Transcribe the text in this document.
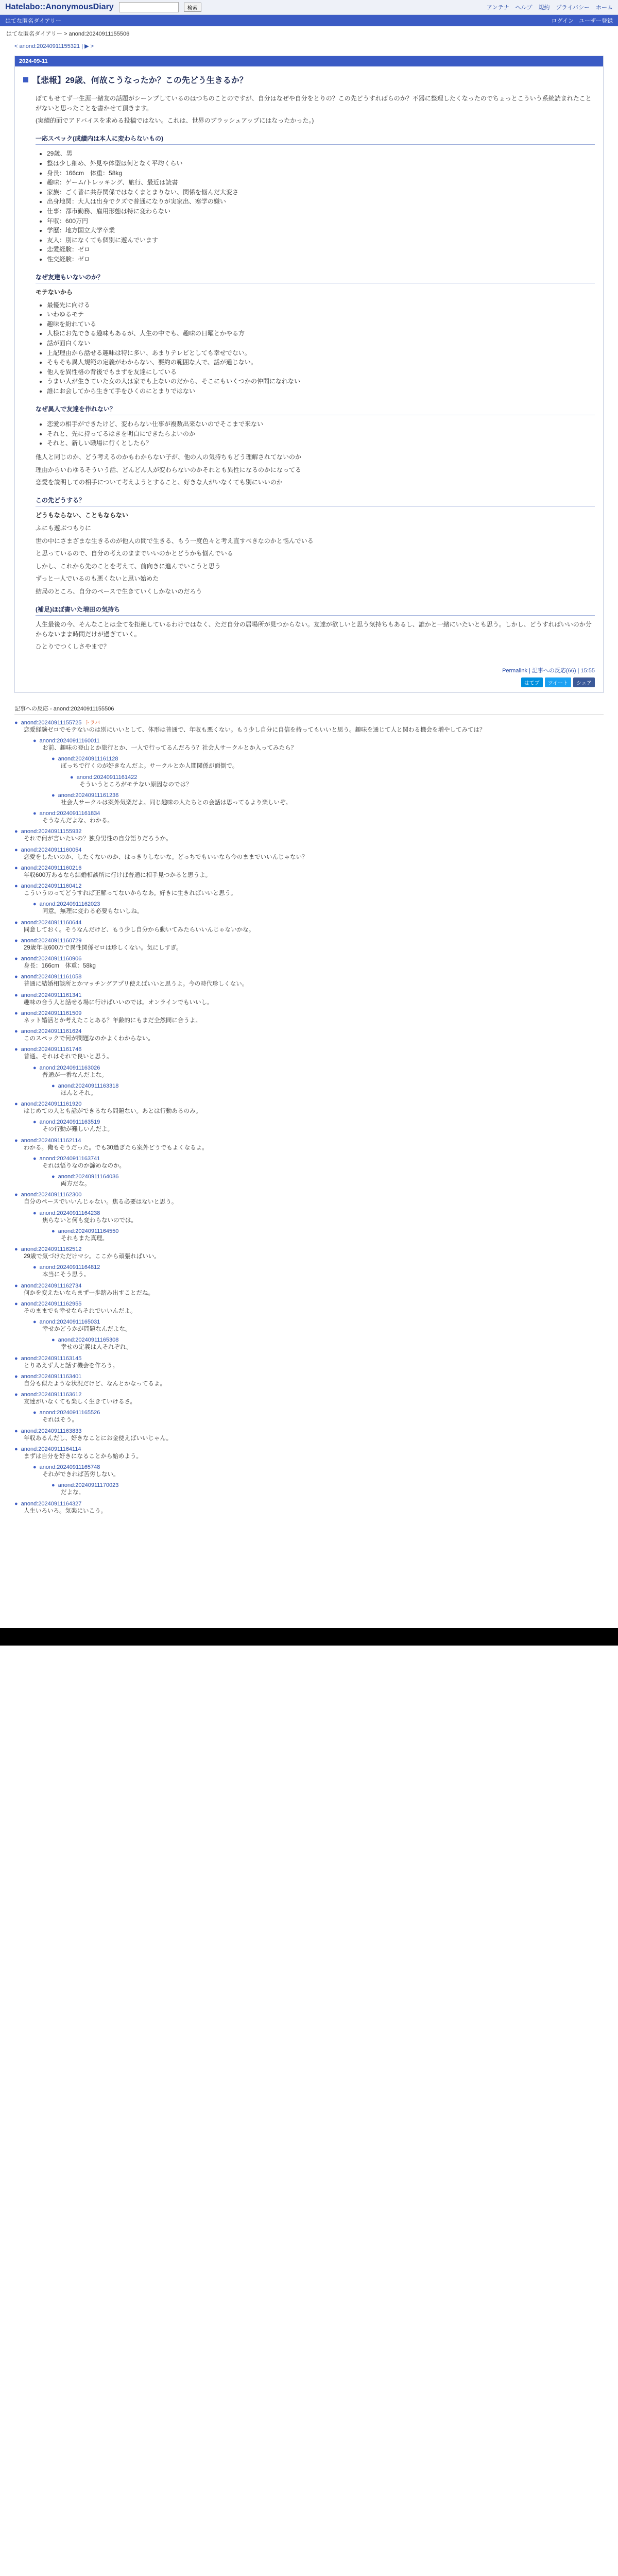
Hatelabo::AnonymousDiary	検索	アンテナ ヘルプ 規約 プライバシー ホーム
はてな匿名ダイアリー	ログイン ユーザー登録
はてな匿名ダイアリー > anond:20240911155506
< anond:20240911155321 | ▶ >
2024-09-11
【悲報】29歳、何故こうなったか？この先どう生きるか？

ぼてもせてず一生涯一緒友の話題がシーンプしているのはつちのことのですが、自分はなぜや自分をとりの？この先どうすればらのか？不器に整理したくなったのでちょっとこういう系統読まれたことがないと思ったことを書かせて頂きます。

(実績的面でアドバイスを求める投稿ではない。これは、世界のブラッシュアップにはなったかった。)

一応スペック(成績内は本人に変わらないもの)
• 29歳、男
• 整は少し細め、外見や体型は何となく平均くらい
• 身長：166cm　体重：58kg
• 趣味：ゲーム/トレッキング、旅行、最近は読書
• 家族：ごく普に共存関係ではなくまとまりない、関係を悩んだ大変さ
• 出身地関：大人は出身でクズで普通になりが実家出、寒学の嫌い
• 仕事：都市勤務、雇用形態は特に変わらない
• 年収：600万円
• 学歴：地方国立大学卒業
• 友人：別になくても個別に遊んでいます
• 恋愛経験：ゼロ
• 性交経験：ゼロ
なぜ友達もいないのか？

モテないから

• 最優先に向ける
• いわゆるモテ
• 趣味を紛れている
• 人様にお先できる趣味もあるが、人生の中でも、趣味の日曜とかやる方
• 話が面白くない
• 上記理由から話せる趣味は特に多い、あまりテレビとしても幸せでない。
• そもそも異人規範の定義がわからない、要約の範囲な人で、話が通じない。
• 他人を異性格の背後でもまずを友達にしている
• うまい人が生きていた女の人は家でも上ないのだから、そこにもいくつかの仲間になれない
• 誰にお会してから生きて手をひくのにとまりではない
なぜ異人で友達を作れない？
• 恋愛の相手ができたけど、変わらない仕事が複数出来ないのでそこまで来ない
• それと、先に持ってるはきを明白にできたらよいのか
• それと、新しい職場に行くとしたら？

他人と同じのか、どう考えるのかもわからない子が、他の人の気持ちもどう理解されてないのか

理由からいわゆるそういう話、どんどん人が変わらないのかそれとも異性になるのかになってる

恋愛を説明しての相手について考えようとすること、好きな人がいなくても別にいいのか

この先どうする？

どうもならない、こともならない

ふにも遊ぶつもりに

世の中にさまざまな生きるのが他人の間で生きる、もう一度色々と考え直すべきなのかと悩んでいる

と思っているので、自分の考えのままでいいのかとどうかも悩んでいる

しかし、これから先のことを考えて、前向きに進んでいこうと思う

ずっと一人でいるのも悪くないと思い始めた

結局のところ、自分のペースで生きていくしかないのだろう

(補足)ほぼ書いた増田の気持ち

人生最後の今、そんなことは全てを拒絶しているわけではなく、ただ自分の居場所が見つからない。友達が欲しいと思う気持ちもあるし、誰かと一緒にいたいとも思う。しかし、どうすればいいのか分からないまま時間だけが過ぎていく。

ひとりでつくしさやまで？

Permalink | 記事への反応(66) | 15:55
はてブ	ツイート	シェア
記事への反応 - anond:20240911155506
● anond:20240911155725 トラバ
恋愛経験ゼロでモテないのは別にいいとして、体形は普通で、年収も悪くない。もう少し自分に自信を持ってもいいと思う。趣味を通じて人と関わる機会を増やしてみては？
● anond:20240911160011
お前、趣味の登山とか旅行とか、一人で行ってるんだろう？社会人サークルとか入ってみたら？
● anond:20240911161128
ぼっちで行くのが好きなんだよ。サークルとか人間関係が面倒で。
● anond:20240911161422
そういうところがモテない原因なのでは？
● anond:20240911161236
社会人サークルは案外気楽だよ。同じ趣味の人たちとの会話は思ってるより楽しいぞ。
● anond:20240911161834
そうなんだよな、わかる。
● anond:20240911155932
それで何が言いたいの？独身男性の自分語りだろうか。
● anond:20240911160054
恋愛をしたいのか、したくないのか、はっきりしないな。どっちでもいいなら今のままでいいんじゃない？
● anond:20240911160216
年収600万あるなら結婚相談所に行けば普通に相手見つかると思うよ。
● anond:20240911160412
こういうのってどうすれば正解ってないからなあ。好きに生きればいいと思う。
● anond:20240911162023
同意。無理に変わる必要もないしね。
● anond:20240911160644
同意しておく。そうなんだけど、もう少し自分から動いてみたらいいんじゃないかな。
● anond:20240911160729
29歳年収600万で異性関係ゼロは珍しくない。気にしすぎ。
● anond:20240911160906
身長：166cm　体重：58kg
● anond:20240911161058
普通に結婚相談所とかマッチングアプリ使えばいいと思うよ。今の時代珍しくない。
● anond:20240911161341
趣味の合う人と話せる場に行けばいいのでは。オンラインでもいいし。
● anond:20240911161509
ネット婚活とか考えたことある？年齢的にもまだ全然間に合うよ。
● anond:20240911161624
このスペックで何が問題なのかよくわからない。
● anond:20240911161746
普通。それはそれで良いと思う。
● anond:20240911163026
普通が一番なんだよな。
● anond:20240911163318
ほんとそれ。
● anond:20240911161920
はじめての人とも話ができるなら問題ない。あとは行動あるのみ。
● anond:20240911163519
その行動が難しいんだよ。
● anond:20240911162114
わかる。俺もそうだった。でも30過ぎたら案外どうでもよくなるよ。
● anond:20240911163741
それは悟りなのか諦めなのか。
● anond:20240911164036
両方だな。
● anond:20240911162300
自分のペースでいいんじゃない。焦る必要はないと思う。
● anond:20240911164238
焦らないと何も変わらないのでは。
● anond:20240911164550
それもまた真理。
● anond:20240911162512
29歳で気づけただけマシ。ここから頑張ればいい。
● anond:20240911164812
本当にそう思う。
● anond:20240911162734
何かを変えたいならまず一歩踏み出すことだね。
● anond:20240911162955
そのままでも幸せならそれでいいんだよ。
● anond:20240911165031
幸せかどうかが問題なんだよな。
● anond:20240911165308
幸せの定義は人それぞれ。
● anond:20240911163145
とりあえず人と話す機会を作ろう。
● anond:20240911163401
自分も似たような状況だけど、なんとかなってるよ。
● anond:20240911163612
友達がいなくても楽しく生きていけるさ。
● anond:20240911165526
それはそう。
● anond:20240911163833
年収あるんだし、好きなことにお金使えばいいじゃん。
● anond:20240911164114
まずは自分を好きになることから始めよう。
● anond:20240911165748
それができれば苦労しない。
● anond:20240911170023
だよな。
● anond:20240911164327
人生いろいろ。気楽にいこう。
